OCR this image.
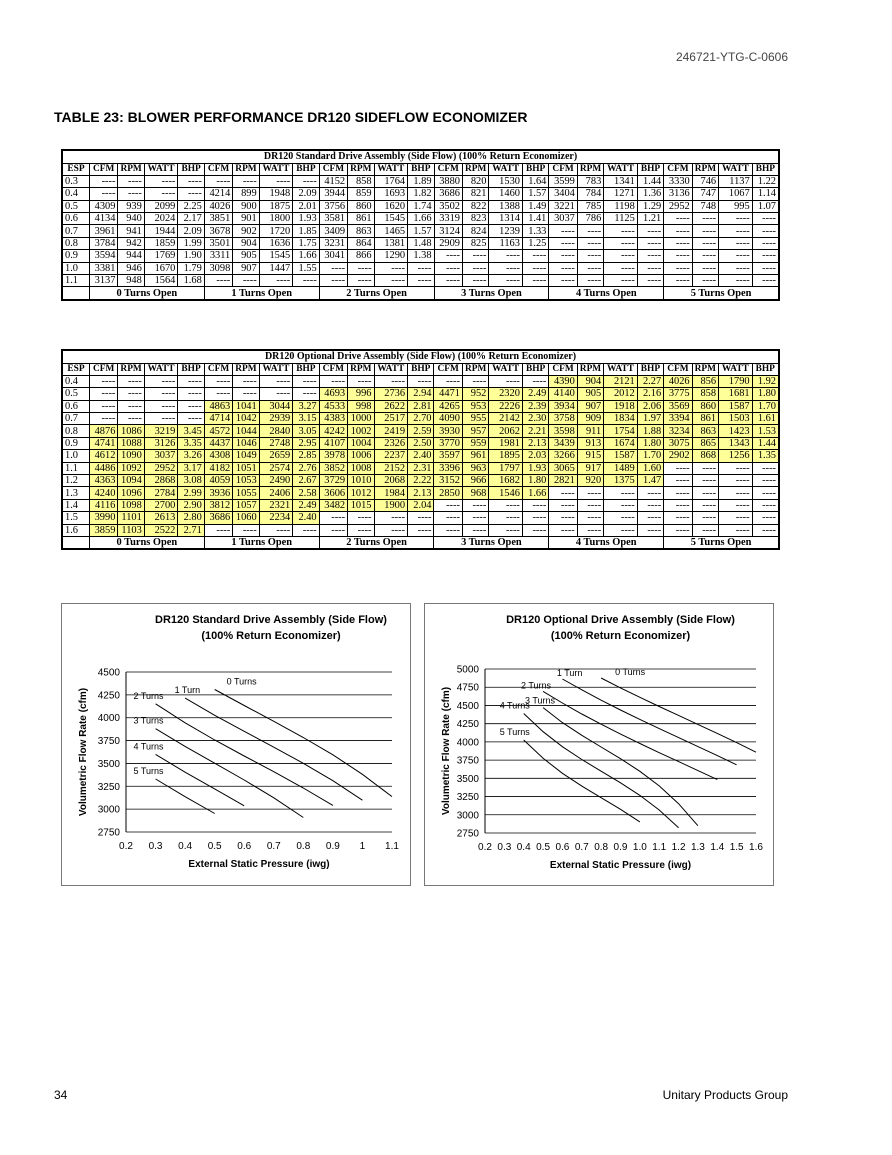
246721-YTG-C-0606
TABLE 23: BLOWER PERFORMANCE DR120 SIDEFLOW ECONOMIZER
DR120 Standard Drive Assembly (Side Flow) (100% Return Economizer)																								
ESP	CFM	RPM	WATT	BHP	CFM	RPM	WATT	BHP	CFM	RPM	WATT	BHP	CFM	RPM	WATT	BHP	CFM	RPM	WATT	BHP	CFM	RPM	WATT	BHP
0.3	----	----	----	----	----	----	----	----	4152	858	1764	1.89	3880	820	1530	1.64	3599	783	1341	1.44	3330	746	1137	1.22
0.4	----	----	----	----	4214	899	1948	2.09	3944	859	1693	1.82	3686	821	1460	1.57	3404	784	1271	1.36	3136	747	1067	1.14
0.5	4309	939	2099	2.25	4026	900	1875	2.01	3756	860	1620	1.74	3502	822	1388	1.49	3221	785	1198	1.29	2952	748	995	1.07
0.6	4134	940	2024	2.17	3851	901	1800	1.93	3581	861	1545	1.66	3319	823	1314	1.41	3037	786	1125	1.21	----	----	----	----
0.7	3961	941	1944	2.09	3678	902	1720	1.85	3409	863	1465	1.57	3124	824	1239	1.33	----	----	----	----	----	----	----	----
0.8	3784	942	1859	1.99	3501	904	1636	1.75	3231	864	1381	1.48	2909	825	1163	1.25	----	----	----	----	----	----	----	----
0.9	3594	944	1769	1.90	3311	905	1545	1.66	3041	866	1290	1.38	----	----	----	----	----	----	----	----	----	----	----	----
1.0	3381	946	1670	1.79	3098	907	1447	1.55	----	----	----	----	----	----	----	----	----	----	----	----	----	----	----	----
1.1	3137	948	1564	1.68	----	----	----	----	----	----	----	----	----	----	----	----	----	----	----	----	----	----	----	----
	0 Turns Open				1 Turns Open				2 Turns Open				3 Turns Open				4 Turns Open				5 Turns Open			
DR120 Optional Drive Assembly (Side Flow) (100% Return Economizer)																								
ESP	CFM	RPM	WATT	BHP	CFM	RPM	WATT	BHP	CFM	RPM	WATT	BHP	CFM	RPM	WATT	BHP	CFM	RPM	WATT	BHP	CFM	RPM	WATT	BHP
0.4	----	----	----	----	----	----	----	----	----	----	----	----	----	----	----	----	4390	904	2121	2.27	4026	856	1790	1.92
0.5	----	----	----	----	----	----	----	----	4693	996	2736	2.94	4471	952	2320	2.49	4140	905	2012	2.16	3775	858	1681	1.80
0.6	----	----	----	----	4863	1041	3044	3.27	4533	998	2622	2.81	4265	953	2226	2.39	3934	907	1918	2.06	3569	860	1587	1.70
0.7	----	----	----	----	4714	1042	2939	3.15	4383	1000	2517	2.70	4090	955	2142	2.30	3758	909	1834	1.97	3394	861	1503	1.61
0.8	4876	1086	3219	3.45	4572	1044	2840	3.05	4242	1002	2419	2.59	3930	957	2062	2.21	3598	911	1754	1.88	3234	863	1423	1.53
0.9	4741	1088	3126	3.35	4437	1046	2748	2.95	4107	1004	2326	2.50	3770	959	1981	2.13	3439	913	1674	1.80	3075	865	1343	1.44
1.0	4612	1090	3037	3.26	4308	1049	2659	2.85	3978	1006	2237	2.40	3597	961	1895	2.03	3266	915	1587	1.70	2902	868	1256	1.35
1.1	4486	1092	2952	3.17	4182	1051	2574	2.76	3852	1008	2152	2.31	3396	963	1797	1.93	3065	917	1489	1.60	----	----	----	----
1.2	4363	1094	2868	3.08	4059	1053	2490	2.67	3729	1010	2068	2.22	3152	966	1682	1.80	2821	920	1375	1.47	----	----	----	----
1.3	4240	1096	2784	2.99	3936	1055	2406	2.58	3606	1012	1984	2.13	2850	968	1546	1.66	----	----	----	----	----	----	----	----
1.4	4116	1098	2700	2.90	3812	1057	2321	2.49	3482	1015	1900	2.04	----	----	----	----	----	----	----	----	----	----	----	----
1.5	3990	1101	2613	2.80	3686	1060	2234	2.40	----	----	----	----	----	----	----	----	----	----	----	----	----	----	----	----
1.6	3859	1103	2522	2.71	----	----	----	----	----	----	----	----	----	----	----	----	----	----	----	----	----	----	----	----
	0 Turns Open				1 Turns Open				2 Turns Open				3 Turns Open				4 Turns Open				5 Turns Open			
DR120 Standard Drive Assembly (Side Flow)
(100% Return Economizer)
2750
3000
3250
3500
3750
4000
4250
4500
0.2 0.3 0.4 0.5 0.6 0.7 0.8 0.9 1 1.1
External Static Pressure (iwg)
Volumetric Flow Rate (cfm)
0 Turns
1 Turn
2 Turns
3 Turns
4 Turns
5 Turns
DR120 Optional Drive Assembly (Side Flow)
(100% Return Economizer)
2750
3000
3250
3500
3750
4000
4250
4500
4750
5000
0.2 0.3 0.4 0.5 0.6 0.7 0.8 0.9 1.0 1.1 1.2 1.3 1.4 1.5 1.6
External Static Pressure (iwg)
Volumetric Flow Rate (cfm)
0 Turns
1 Turn
2 Turns
3 Turns
4 Turns
5 Turns
34	Unitary Products Group
